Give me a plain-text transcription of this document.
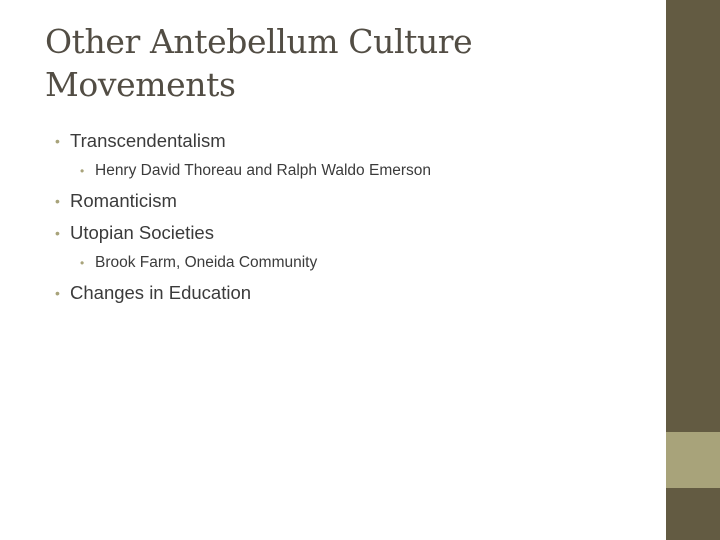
Other Antebellum Culture
Movements
• Transcendentalism
• Henry David Thoreau and Ralph Waldo Emerson
• Romanticism
• Utopian Societies
• Brook Farm, Oneida Community
• Changes in Education
